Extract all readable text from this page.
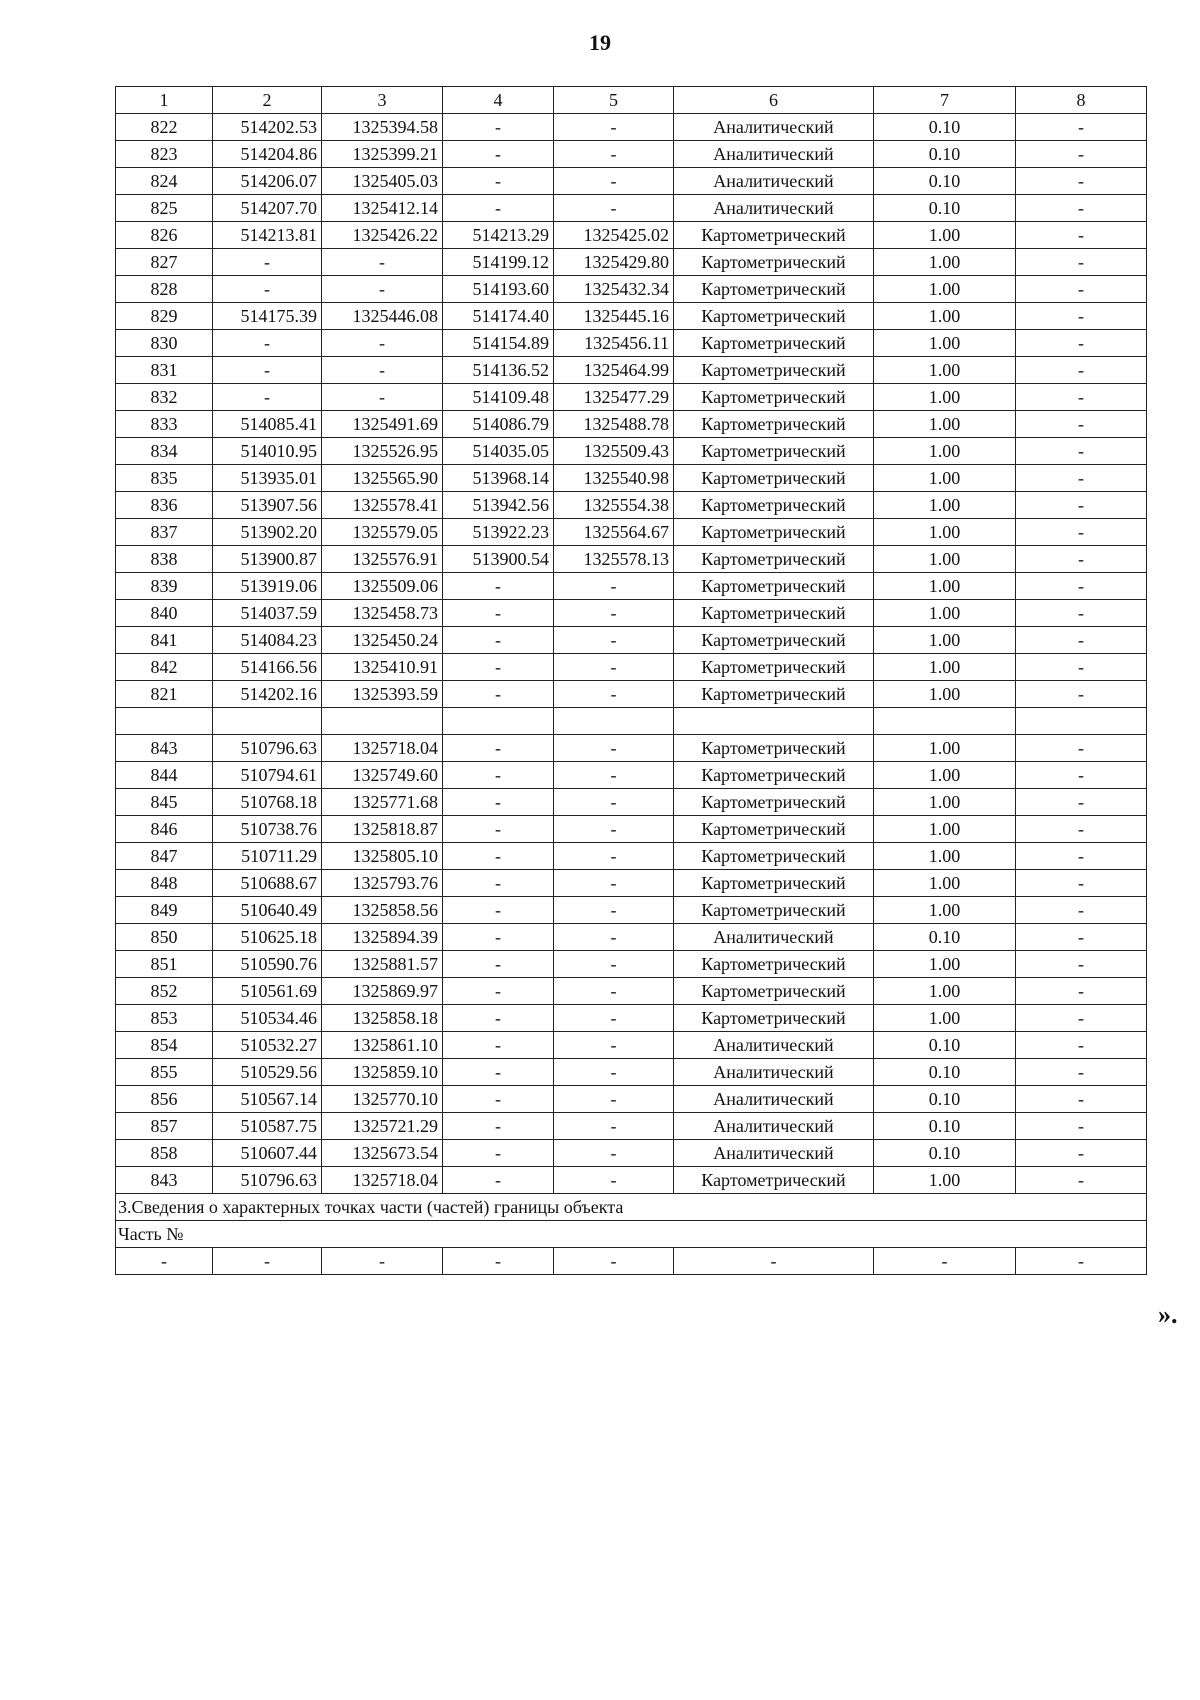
19
1	2	3	4	5	6	7	8
822	514202.53	1325394.58	-	-	Аналитический	0.10	-
823	514204.86	1325399.21	-	-	Аналитический	0.10	-
824	514206.07	1325405.03	-	-	Аналитический	0.10	-
825	514207.70	1325412.14	-	-	Аналитический	0.10	-
826	514213.81	1325426.22	514213.29	1325425.02	Картометрический	1.00	-
827	-	-	514199.12	1325429.80	Картометрический	1.00	-
828	-	-	514193.60	1325432.34	Картометрический	1.00	-
829	514175.39	1325446.08	514174.40	1325445.16	Картометрический	1.00	-
830	-	-	514154.89	1325456.11	Картометрический	1.00	-
831	-	-	514136.52	1325464.99	Картометрический	1.00	-
832	-	-	514109.48	1325477.29	Картометрический	1.00	-
833	514085.41	1325491.69	514086.79	1325488.78	Картометрический	1.00	-
834	514010.95	1325526.95	514035.05	1325509.43	Картометрический	1.00	-
835	513935.01	1325565.90	513968.14	1325540.98	Картометрический	1.00	-
836	513907.56	1325578.41	513942.56	1325554.38	Картометрический	1.00	-
837	513902.20	1325579.05	513922.23	1325564.67	Картометрический	1.00	-
838	513900.87	1325576.91	513900.54	1325578.13	Картометрический	1.00	-
839	513919.06	1325509.06	-	-	Картометрический	1.00	-
840	514037.59	1325458.73	-	-	Картометрический	1.00	-
841	514084.23	1325450.24	-	-	Картометрический	1.00	-
842	514166.56	1325410.91	-	-	Картометрический	1.00	-
821	514202.16	1325393.59	-	-	Картометрический	1.00	-

843	510796.63	1325718.04	-	-	Картометрический	1.00	-
844	510794.61	1325749.60	-	-	Картометрический	1.00	-
845	510768.18	1325771.68	-	-	Картометрический	1.00	-
846	510738.76	1325818.87	-	-	Картометрический	1.00	-
847	510711.29	1325805.10	-	-	Картометрический	1.00	-
848	510688.67	1325793.76	-	-	Картометрический	1.00	-
849	510640.49	1325858.56	-	-	Картометрический	1.00	-
850	510625.18	1325894.39	-	-	Аналитический	0.10	-
851	510590.76	1325881.57	-	-	Картометрический	1.00	-
852	510561.69	1325869.97	-	-	Картометрический	1.00	-
853	510534.46	1325858.18	-	-	Картометрический	1.00	-
854	510532.27	1325861.10	-	-	Аналитический	0.10	-
855	510529.56	1325859.10	-	-	Аналитический	0.10	-
856	510567.14	1325770.10	-	-	Аналитический	0.10	-
857	510587.75	1325721.29	-	-	Аналитический	0.10	-
858	510607.44	1325673.54	-	-	Аналитический	0.10	-
843	510796.63	1325718.04	-	-	Картометрический	1.00	-
3.Сведения о характерных точках части (частей) границы объекта							
Часть №							
-	-	-	-	-	-	-	-
».
